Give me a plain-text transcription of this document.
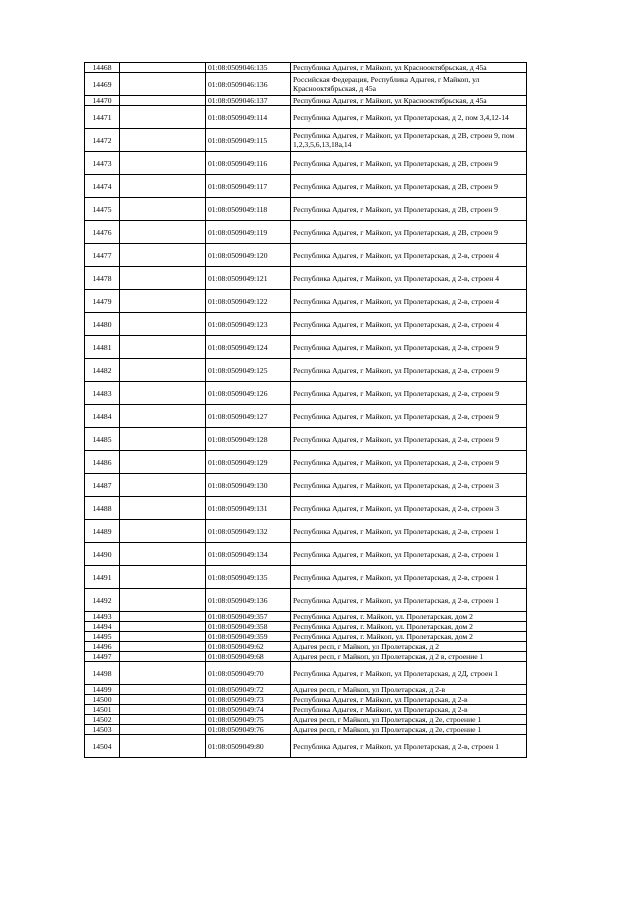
14468		01:08:0509046:135	Республика Адыгея, г Майкоп, ул Краснооктябрьская, д 45а
14469		01:08:0509046:136	Российская Федерация, Республика Адыгея, г Майкоп, ул Краснооктябрьская, д 45а
14470		01:08:0509046:137	Республика Адыгея, г Майкоп, ул Краснооктябрьская, д 45а
14471		01:08:0509049:114	Республика Адыгея, г Майкоп, ул Пролетарская, д 2, пом 3,4,12-14
14472		01:08:0509049:115	Республика Адыгея, г Майкоп, ул Пролетарская, д 2В, строен 9, пом 1,2,3,5,6,13,18а,14
14473		01:08:0509049:116	Республика Адыгея, г Майкоп, ул Пролетарская, д 2В, строен 9
14474		01:08:0509049:117	Республика Адыгея, г Майкоп, ул Пролетарская, д 2В, строен 9
14475		01:08:0509049:118	Республика Адыгея, г Майкоп, ул Пролетарская, д 2В, строен 9
14476		01:08:0509049:119	Республика Адыгея, г Майкоп, ул Пролетарская, д 2В, строен 9
14477		01:08:0509049:120	Республика Адыгея, г Майкоп, ул Пролетарская, д 2-в, строен 4
14478		01:08:0509049:121	Республика Адыгея, г Майкоп, ул Пролетарская, д 2-в, строен 4
14479		01:08:0509049:122	Республика Адыгея, г Майкоп, ул Пролетарская, д 2-в, строен 4
14480		01:08:0509049:123	Республика Адыгея, г Майкоп, ул Пролетарская, д 2-в, строен 4
14481		01:08:0509049:124	Республика Адыгея, г Майкоп, ул Пролетарская, д 2-в, строен 9
14482		01:08:0509049:125	Республика Адыгея, г Майкоп, ул Пролетарская, д 2-в, строен 9
14483		01:08:0509049:126	Республика Адыгея, г Майкоп, ул Пролетарская, д 2-в, строен 9
14484		01:08:0509049:127	Республика Адыгея, г Майкоп, ул Пролетарская, д 2-в, строен 9
14485		01:08:0509049:128	Республика Адыгея, г Майкоп, ул Пролетарская, д 2-в, строен 9
14486		01:08:0509049:129	Республика Адыгея, г Майкоп, ул Пролетарская, д 2-в, строен 9
14487		01:08:0509049:130	Республика Адыгея, г Майкоп, ул Пролетарская, д 2-в, строен 3
14488		01:08:0509049:131	Республика Адыгея, г Майкоп, ул Пролетарская, д 2-в, строен 3
14489		01:08:0509049:132	Республика Адыгея, г Майкоп, ул Пролетарская, д 2-в, строен 1
14490		01:08:0509049:134	Республика Адыгея, г Майкоп, ул Пролетарская, д 2-в, строен 1
14491		01:08:0509049:135	Республика Адыгея, г Майкоп, ул Пролетарская, д 2-в, строен 1
14492		01:08:0509049:136	Республика Адыгея, г Майкоп, ул Пролетарская, д 2-в, строен 1
14493		01:08:0509049:357	Республика Адыгея, г. Майкоп, ул. Пролетарская, дом 2
14494		01:08:0509049:358	Республика Адыгея, г. Майкоп, ул. Пролетарская, дом 2
14495		01:08:0509049:359	Республика Адыгея, г. Майкоп, ул. Пролетарская, дом 2
14496		01:08:0509049:62	Адыгея респ, г Майкоп, ул Пролетарская, д 2
14497		01:08:0509049:68	Адыгея респ, г Майкоп, ул Пролетарская, д 2 в, строение 1
14498		01:08:0509049:70	Республика Адыгея, г Майкоп, ул Пролетарская, д 2Д, строен 1
14499		01:08:0509049:72	Адыгея респ, г Майкоп, ул Пролетарская, д 2-в
14500		01:08:0509049:73	Республика Адыгея, г Майкоп, ул Пролетарская, д 2-в
14501		01:08:0509049:74	Республика Адыгея, г Майкоп, ул Пролетарская, д 2-в
14502		01:08:0509049:75	Адыгея респ, г Майкоп, ул Пролетарская, д 2е, строение 1
14503		01:08:0509049:76	Адыгея респ, г Майкоп, ул Пролетарская, д 2е, строение 1
14504		01:08:0509049:80	Республика Адыгея, г Майкоп, ул Пролетарская, д 2-в, строен 1
